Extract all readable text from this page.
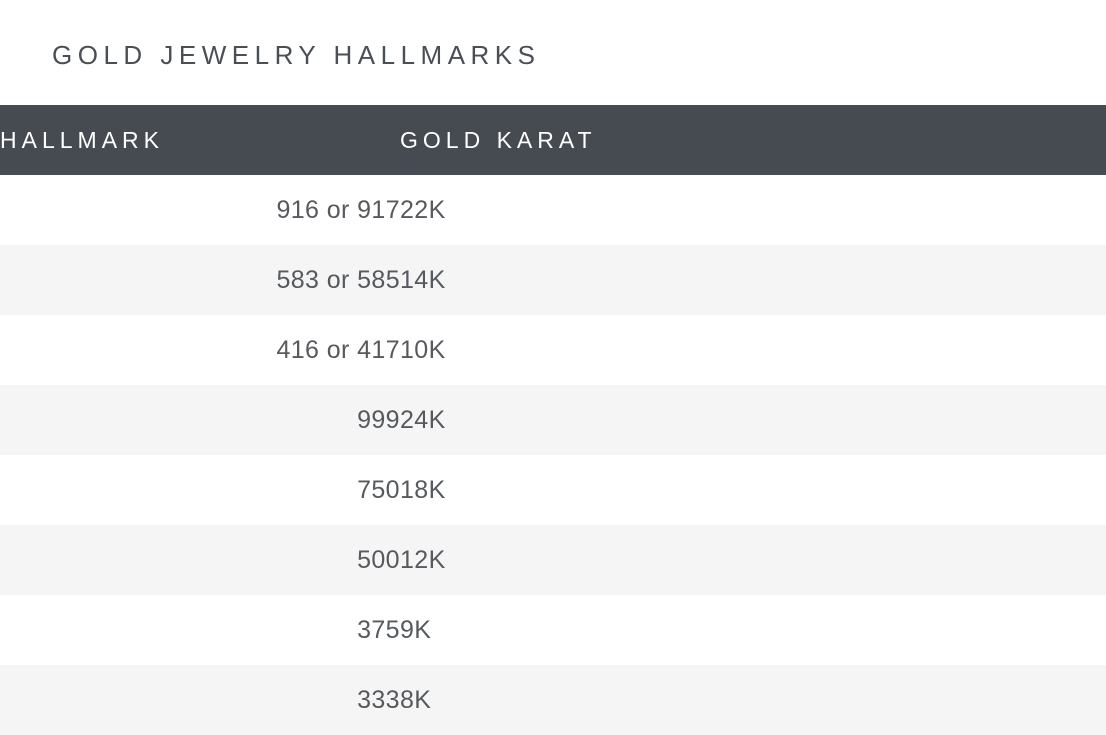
GOLD JEWELRY HALLMARKS
HALLMARK	GOLD KARAT
916 or 917	22K
583 or 585	14K
416 or 417	10K
999	24K
750	18K
500	12K
375	9K
333	8K
